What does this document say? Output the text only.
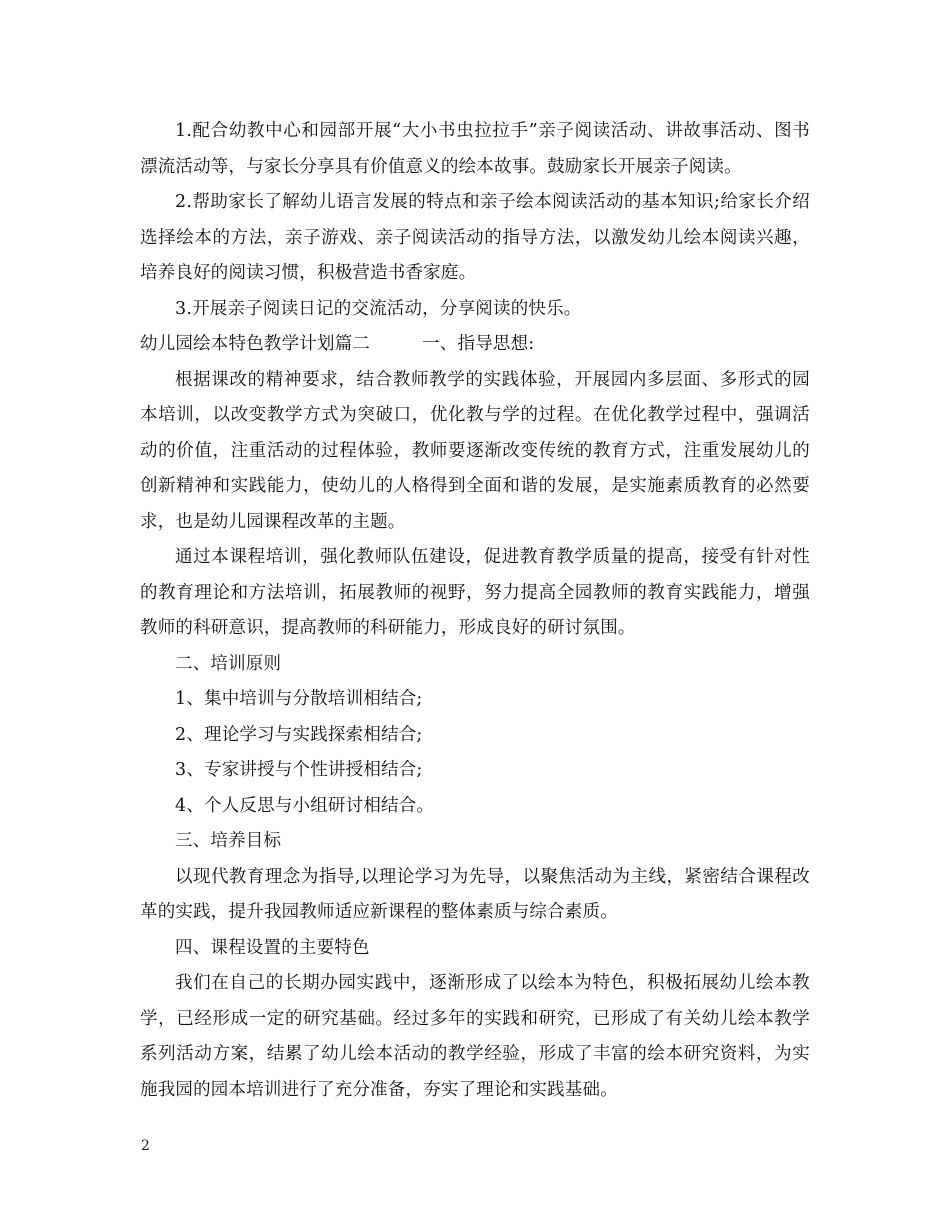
1.配合幼教中心和园部开展“大小书虫拉拉手”亲子阅读活动、讲故事活动、图书漂流活动等，与家长分享具有价值意义的绘本故事。鼓励家长开展亲子阅读。

2.帮助家长了解幼儿语言发展的特点和亲子绘本阅读活动的基本知识;给家长介绍选择绘本的方法，亲子游戏、亲子阅读活动的指导方法，以激发幼儿绘本阅读兴趣，培养良好的阅读习惯，积极营造书香家庭。

3.开展亲子阅读日记的交流活动，分享阅读的快乐。

幼儿园绘本特色教学计划篇二	一、指导思想:

根据课改的精神要求，结合教师教学的实践体验，开展园内多层面、多形式的园本培训，以改变教学方式为突破口，优化教与学的过程。在优化教学过程中，强调活动的价值，注重活动的过程体验，教师要逐渐改变传统的教育方式，注重发展幼儿的创新精神和实践能力，使幼儿的人格得到全面和谐的发展，是实施素质教育的必然要求，也是幼儿园课程改革的主题。

通过本课程培训，强化教师队伍建设，促进教育教学质量的提高，接受有针对性的教育理论和方法培训，拓展教师的视野，努力提高全园教师的教育实践能力，增强教师的科研意识，提高教师的科研能力，形成良好的研讨氛围。

二、培训原则

1、集中培训与分散培训相结合;

2、理论学习与实践探索相结合;

3、专家讲授与个性讲授相结合;

4、个人反思与小组研讨相结合。

三、培养目标

以现代教育理念为指导,以理论学习为先导，以聚焦活动为主线，紧密结合课程改革的实践，提升我园教师适应新课程的整体素质与综合素质。

四、课程设置的主要特色

我们在自己的长期办园实践中，逐渐形成了以绘本为特色，积极拓展幼儿绘本教学，已经形成一定的研究基础。经过多年的实践和研究，已形成了有关幼儿绘本教学系列活动方案，结累了幼儿绘本活动的教学经验，形成了丰富的绘本研究资料，为实施我园的园本培训进行了充分准备，夯实了理论和实践基础。

2
